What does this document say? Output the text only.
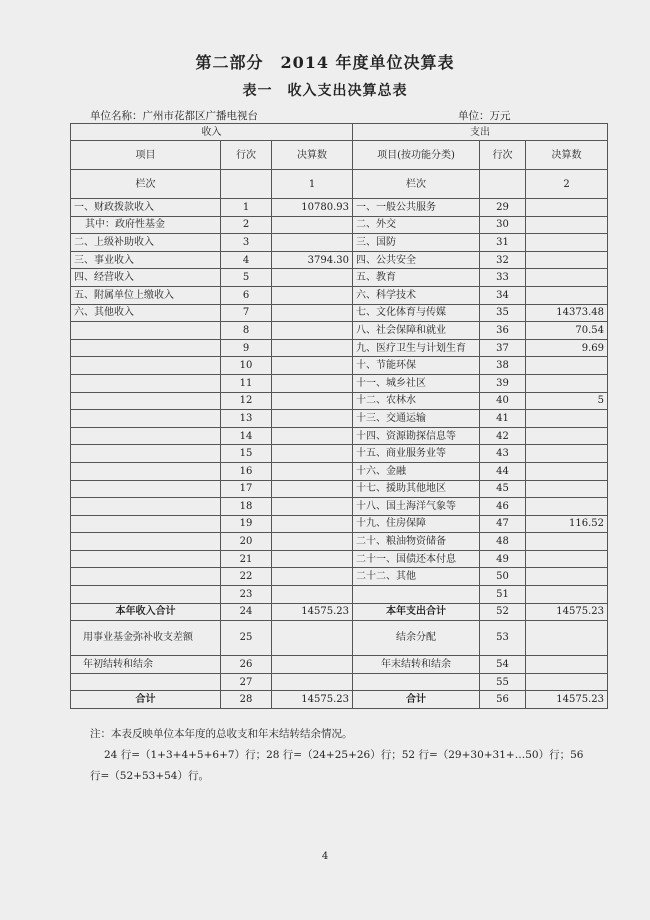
第二部分　2014 年度单位决算表
表一　收入支出决算总表
单位名称：广州市花都区广播电视台	单位：万元
收入			支出		
项目	行次	决算数	项目(按功能分类)	行次	决算数
栏次		1	栏次		2
一、财政拨款收入	1	10780.93	一、一般公共服务	29	
其中：政府性基金	2		二、外交	30	
二、上级补助收入	3		三、国防	31	
三、事业收入	4	3794.30	四、公共安全	32	
四、经营收入	5		五、教育	33	
五、附属单位上缴收入	6		六、科学技术	34	
六、其他收入	7		七、文化体育与传媒	35	14373.48
	8		八、社会保障和就业	36	70.54
	9		九、医疗卫生与计划生育	37	9.69
	10		十、节能环保	38	
	11		十一、城乡社区	39	
	12		十二、农林水	40	5
	13		十三、交通运输	41	
	14		十四、资源勘探信息等	42	
	15		十五、商业服务业等	43	
	16		十六、金融	44	
	17		十七、援助其他地区	45	
	18		十八、国土海洋气象等	46	
	19		十九、住房保障	47	116.52
	20		二十、粮油物资储备	48	
	21		二十一、国债还本付息	49	
	22		二十二、其他	50	
	23			51	
本年收入合计	24	14575.23	本年支出合计	52	14575.23
用事业基金弥补收支差额	25		结余分配	53	
年初结转和结余	26		年末结转和结余	54	
	27			55	
合计	28	14575.23	合计	56	14575.23
注：本表反映单位本年度的总收支和年末结转结余情况。
24 行=（1+3+4+5+6+7）行；28 行=（24+25+26）行；52 行=（29+30+31+…50）行；56
行=（52+53+54）行。
4
